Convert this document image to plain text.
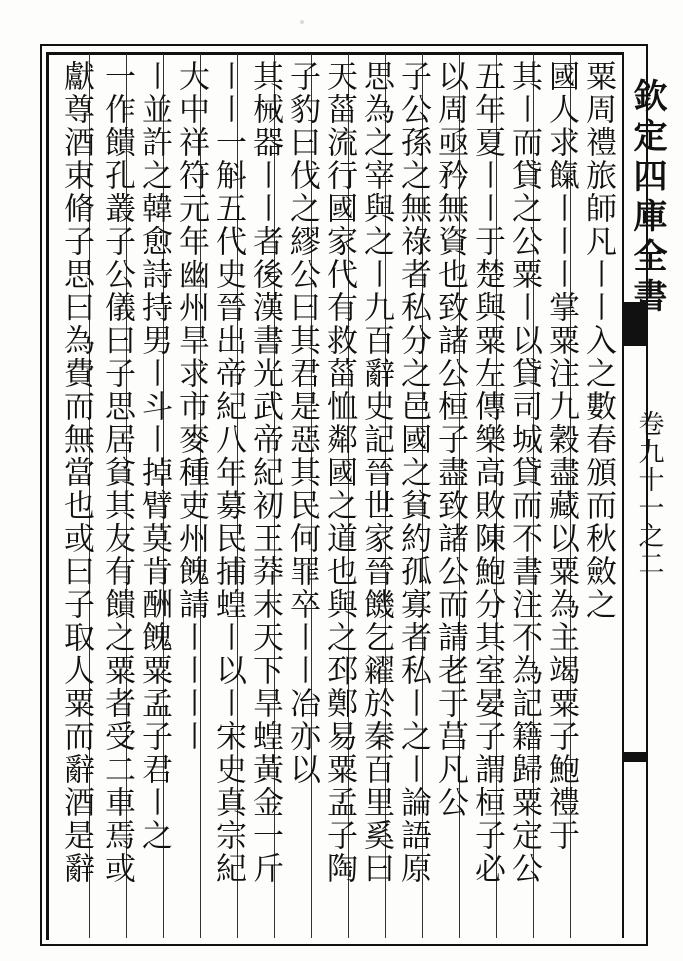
欽定四庫全書
卷九十一之二
粟周禮旅師凡〡〡入之數春頒而秋斂之
國人求餼〡〡〡掌粟注九穀盡藏以粟為主竭粟子鮑禮于
其〡而貸之公粟〡以貸司城貸而不書注不為記籍歸粟定公
五年夏〡〡于楚與粟左傳樂高敗陳鮑分其室晏子謂桓子必
以周亟矜無資也致諸公桓子盡致諸公而請老于莒凡公
子公孫之無祿者私分之邑國之貧約孤寡者私〡之〡論語原
思為之宰與之〡九百辭史記晉世家晉饑乞糴於秦百里奚曰
天菑流行國家代有救菑恤鄰國之道也與之邳鄭易粟孟子陶
子豹曰伐之繆公曰其君是惡其民何罪卒〡〡冶亦以
其械器〡〡者後漢書光武帝紀初王莽末天下旱蝗黃金一斤
〡〡一斛五代史晉出帝紀八年募民捕蝗〡以〡宋史真宗紀
大中祥符元年幽州旱求市麥種吏州餽請〡〡〡〡
〡並許之韓愈詩持男〡斗〡掉臂莫肯酬餽粟孟子君〡之
一作饋孔叢子公儀曰子思居貧其友有饋之粟者受二車焉或
獻尊酒束脩子思曰為費而無當也或曰子取人粟而辭酒是辭
